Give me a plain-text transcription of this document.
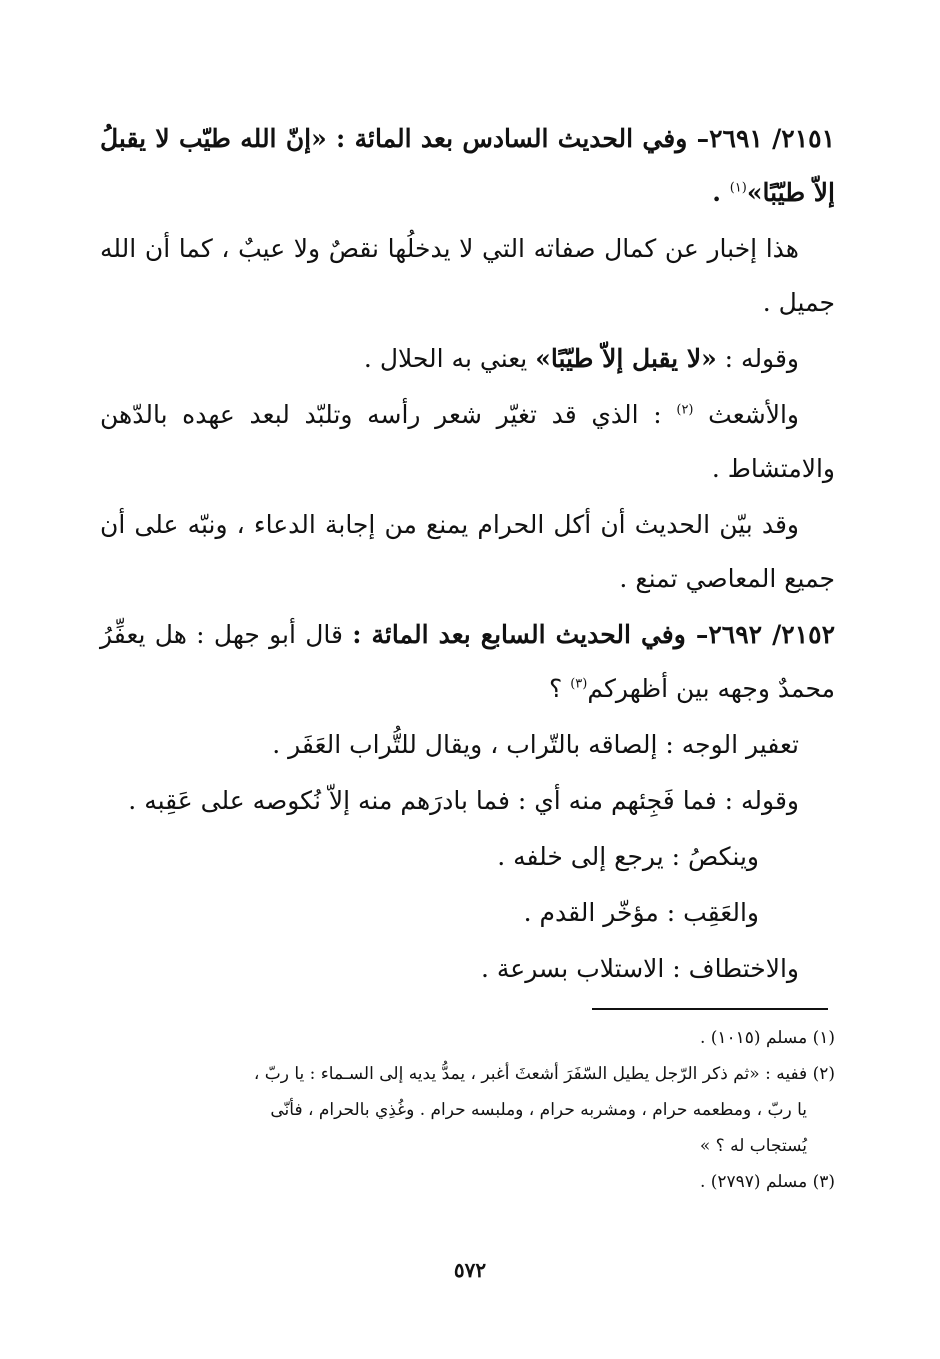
٢١٥١/ ٢٦٩١– وفي الحديث السادس بعد المائة : «إنّ الله طيّب لا يقبلُ إلاّ طيّبًا»$^{(١)}$ .

هذا إخبار عن كمال صفاته التي لا يدخلُها نقصٌ ولا عيبٌ ، كما أن الله جميل .

وقوله : «لا يقبل إلاّ طيّبًا» يعني به الحلال .

والأشعث $^{(٢)}$ : الذي قد تغيّر شعر رأسه وتلبّد لبعد عهده بالدّهن والامتشاط .

وقد بيّن الحديث أن أكل الحرام يمنع من إجابة الدعاء ، ونبّه على أن جميع المعاصي تمنع .

٢١٥٢/ ٢٦٩٢– وفي الحديث السابع بعد المائة : قال أبو جهل : هل يعفِّرُ محمدٌ وجهه بين أظهركم$^{(٣)}$ ؟

تعفير الوجه : إلصاقه بالتّراب ، ويقال للتُّراب العَفَر .

وقوله : فما فَجِئهم منه أي : فما بادرَهم منه إلاّ نُكوصه على عَقِبه .

وينكصُ : يرجع إلى خلفه .

والعَقِب : مؤخّر القدم .

والاختطاف : الاستلاب بسرعة .

(١) مسلم (١٠١٥) .

(٢) ففيه : «ثم ذكر الرّجل يطيل السّفَرَ أشعثَ أغبر ، يمدُّ يديه إلى السـماء : يا ربّ ،

يا ربّ ، ومطعمه حرام ، ومشربه حرام ، وملبسه حرام . وغُذِي بالحرام ، فأنّى

يُستجاب له ؟ »

(٣) مسلم (٢٧٩٧) .

٥٧٢
